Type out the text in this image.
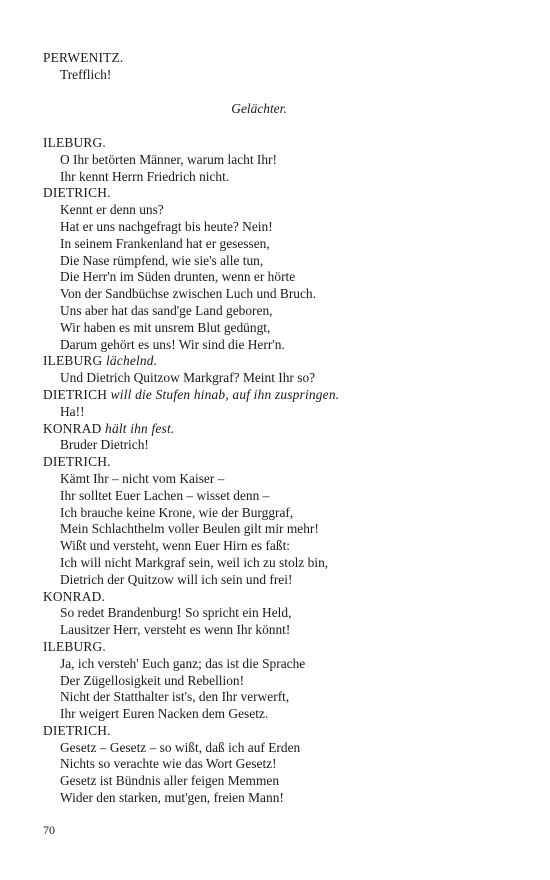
PERWENITZ.
Trefflich!
Gelächter.
ILEBURG.
O Ihr betörten Männer, warum lacht Ihr!
Ihr kennt Herrn Friedrich nicht.
DIETRICH.
Kennt er denn uns?
Hat er uns nachgefragt bis heute? Nein!
In seinem Frankenland hat er gesessen,
Die Nase rümpfend, wie sie's alle tun,
Die Herr'n im Süden drunten, wenn er hörte
Von der Sandbüchse zwischen Luch und Bruch.
Uns aber hat das sand'ge Land geboren,
Wir haben es mit unsrem Blut gedüngt,
Darum gehört es uns! Wir sind die Herr'n.
ILEBURG lächelnd.
Und Dietrich Quitzow Markgraf? Meint Ihr so?
DIETRICH will die Stufen hinab, auf ihn zuspringen.
Ha!!
KONRAD hält ihn fest.
Bruder Dietrich!
DIETRICH.
Kämt Ihr – nicht vom Kaiser –
Ihr solltet Euer Lachen – wisset denn –
Ich brauche keine Krone, wie der Burggraf,
Mein Schlachthelm voller Beulen gilt mir mehr!
Wißt und versteht, wenn Euer Hirn es faßt:
Ich will nicht Markgraf sein, weil ich zu stolz bin,
Dietrich der Quitzow will ich sein und frei!
KONRAD.
So redet Brandenburg! So spricht ein Held,
Lausitzer Herr, versteht es wenn Ihr könnt!
ILEBURG.
Ja, ich versteh' Euch ganz; das ist die Sprache
Der Zügellosigkeit und Rebellion!
Nicht der Statthalter ist's, den Ihr verwerft,
Ihr weigert Euren Nacken dem Gesetz.
DIETRICH.
Gesetz – Gesetz – so wißt, daß ich auf Erden
Nichts so verachte wie das Wort Gesetz!
Gesetz ist Bündnis aller feigen Memmen
Wider den starken, mut'gen, freien Mann!
70
